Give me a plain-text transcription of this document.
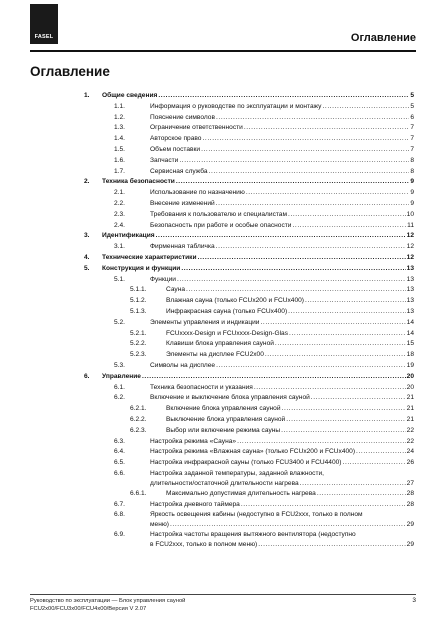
FASEL	Оглавление
Оглавление
1. Общие сведения .....	5
1.1.	Информация о руководстве по эксплуатации и монтажу .....	5
1.2.	Пояснение символов .....	6
1.3.	Ограничение ответственности .....	7
1.4.	Авторское право .....	7
1.5.	Объем поставки .....	7
1.6.	Запчасти .....	8
1.7.	Сервисная служба .....	8
2. Техника безопасности .....	9
2.1.	Использование по назначению .....	9
2.2.	Внесение изменений .....	9
2.3.	Требования к пользователю и специалистам .....	10
2.4.	Безопасность при работе и особые опасности .....	11
3. Идентификация .....	12
3.1.	Фирменная табличка .....	12
4. Технические характеристики .....	12
5. Конструкция и функции .....	13
5.1.	Функции .....	13
5.1.1.	Сауна .....	13
5.1.2.	Влажная сауна (только FCUx200 и FCUx400) .....	13
5.1.3.	Инфракрасная сауна (только FCUx400) .....	13
5.2.	Элементы управления и индикации .....	14
5.2.1.	FCUxxxx-Design и FCUxxxx-Design-Glas .....	14
5.2.2.	Клавиши блока управления сауной .....	15
5.2.3.	Элементы на дисплее FCU2x00 .....	18
5.3.	Символы на дисплее .....	19
6. Управление .....	20
6.1.	Техника безопасности и указания .....	20
6.2.	Включение и выключение блока управления сауной .....	21
6.2.1.	Включение блока управления сауной .....	21
6.2.2.	Выключение блока управления сауной .....	21
6.2.3.	Выбор или включение режима сауны .....	22
6.3.	Настройка режима «Сауна» .....	22
6.4.	Настройка режима «Влажная сауна» (только FCUx200 и FCUx400) .....	24
6.5.	Настройка инфракрасной сауны (только FCU3400 и FCU4400) .....	26
6.6.	Настройка заданной температуры, заданной влажности,
длительности/остаточной длительности нагрева .....	27
6.6.1.	Максимально допустимая длительность нагрева .....	28
6.7.	Настройка дневного таймера .....	28
6.8.	Яркость освещения кабины (недоступно в FCU2xxx, только в полном
меню) .....	29
6.9.	Настройка частоты вращения вытяжного вентилятора (недоступно
в FCU2xxx, только в полном меню) .....	29
Руководство по эксплуатации — Блок управления сауной
FCU2x00/FCU3x00/FCU4x00/Версия V 2.07
3
